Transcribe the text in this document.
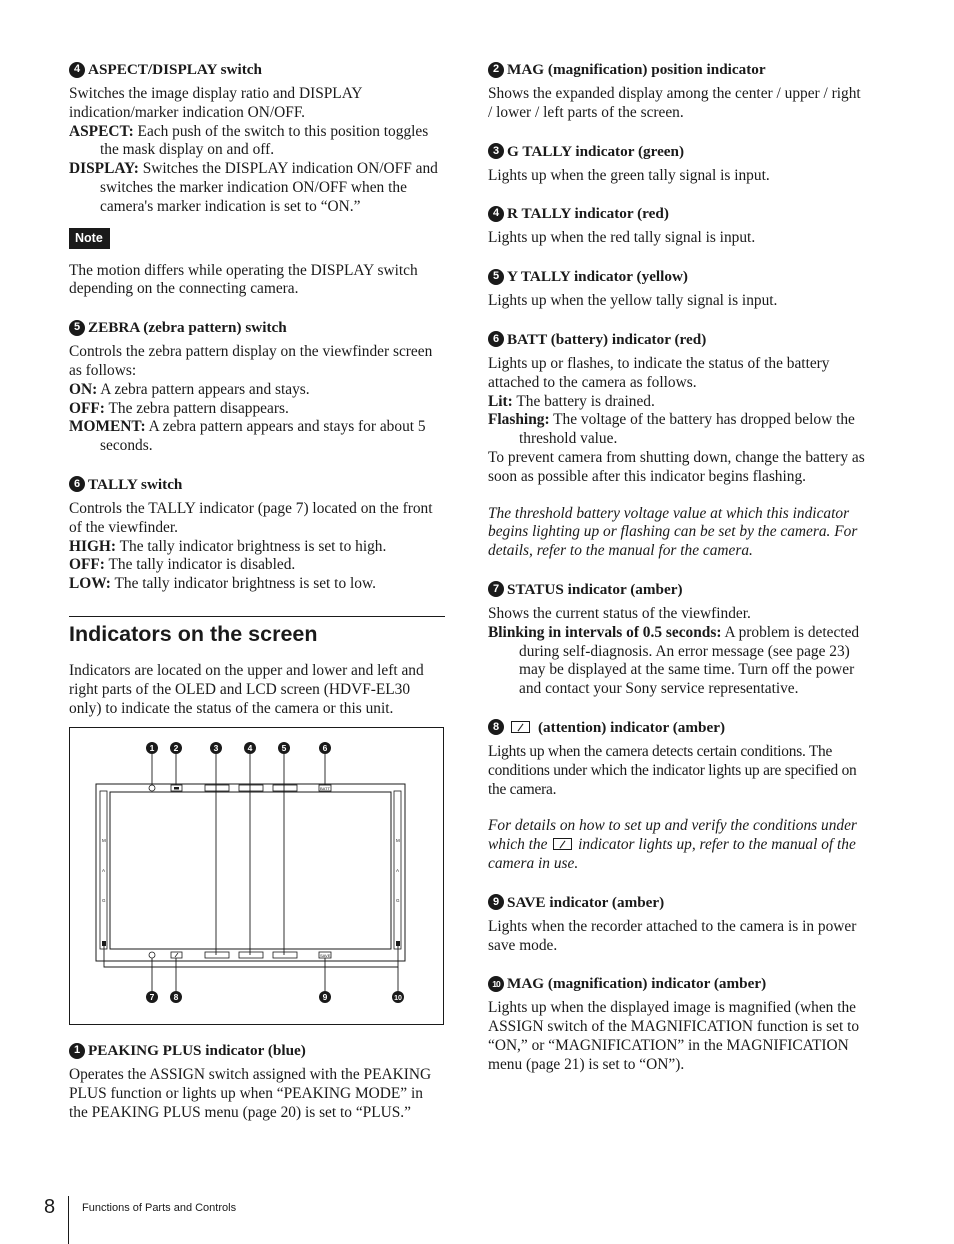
4 ASPECT/DISPLAY switch

Switches the image display ratio and DISPLAY indication/marker indication ON/OFF.

ASPECT: Each push of the switch to this position toggles the mask display on and off.

DISPLAY: Switches the DISPLAY indication ON/OFF and switches the marker indication ON/OFF when the camera's marker indication is set to “ON.”

Note

The motion differs while operating the DISPLAY switch depending on the connecting camera.

5 ZEBRA (zebra pattern) switch

Controls the zebra pattern display on the viewfinder screen as follows:

ON: A zebra pattern appears and stays.

OFF: The zebra pattern disappears.

MOMENT: A zebra pattern appears and stays for about 5 seconds.

6 TALLY switch

Controls the TALLY indicator (page 7) located on the front of the viewfinder.

HIGH: The tally indicator brightness is set to high.

OFF: The tally indicator is disabled.

LOW: The tally indicator brightness is set to low.

Indicators on the screen

Indicators are located on the upper and lower and left and right parts of the OLED and LCD screen (HDVF-EL30 only) to indicate the status of the camera or this unit.

M
A
G
M
A
G
BATT
SAVE
1 2	3	4	5	6
7 8	9	10
1 PEAKING PLUS indicator (blue)

Operates the ASSIGN switch assigned with the PEAKING PLUS function or lights up when “PEAKING MODE” in the PEAKING PLUS menu (page 20) is set to “PLUS.”

2 MAG (magnification) position indicator

Shows the expanded display among the center / upper / right / lower / left parts of the screen.

3 G TALLY indicator (green)

Lights up when the green tally signal is input.

4 R TALLY indicator (red)

Lights up when the red tally signal is input.

5 Y TALLY indicator (yellow)

Lights up when the yellow tally signal is input.

6 BATT (battery) indicator (red)

Lights up or flashes, to indicate the status of the battery attached to the camera as follows.

Lit: The battery is drained.

Flashing: The voltage of the battery has dropped below the threshold value.

To prevent camera from shutting down, change the battery as soon as possible after this indicator begins flashing.

The threshold battery voltage value at which this indicator begins lighting up or flashing can be set by the camera. For details, refer to the manual for the camera.

7 STATUS indicator (amber)

Shows the current status of the viewfinder.

Blinking in intervals of 0.5 seconds: A problem is detected during self-diagnosis. An error message (see page 23) may be displayed at the same time. Turn off the power and contact your Sony service representative.

8	(attention) indicator (amber)

Lights up when the camera detects certain conditions. The conditions under which the indicator lights up are specified on the camera.

For details on how to set up and verify the conditions under which the  indicator lights up, refer to the manual of the camera in use.

9 SAVE indicator (amber)

Lights when the recorder attached to the camera is in power save mode.

10 MAG (magnification) indicator (amber)

Lights up when the displayed image is magnified (when the ASSIGN switch of the MAGNIFICATION function is set to “ON,” or “MAGNIFICATION” in the MAGNIFICATION menu (page 21) is set to “ON”).

8 Functions of Parts and Controls
